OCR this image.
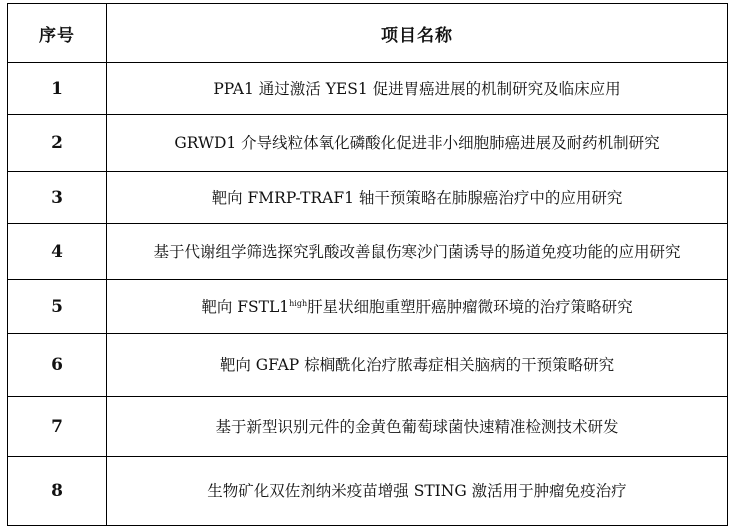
序号	项目名称
1	PPA1 通过激活 YES1 促进胃癌进展的机制研究及临床应用
2	GRWD1 介导线粒体氧化磷酸化促进非小细胞肺癌进展及耐药机制研究
3	靶向 FMRP-TRAF1 轴干预策略在肺腺癌治疗中的应用研究
4	基于代谢组学筛选探究乳酸改善鼠伤寒沙门菌诱导的肠道免疫功能的应用研究
5	靶向 $FSTL1^{high}$肝星状细胞重塑肝癌肿瘤微环境的治疗策略研究
6	靶向 GFAP 棕榈酰化治疗脓毒症相关脑病的干预策略研究
7	基于新型识别元件的金黄色葡萄球菌快速精准检测技术研发
8	生物矿化双佐剂纳米疫苗增强 STING 激活用于肿瘤免疫治疗
